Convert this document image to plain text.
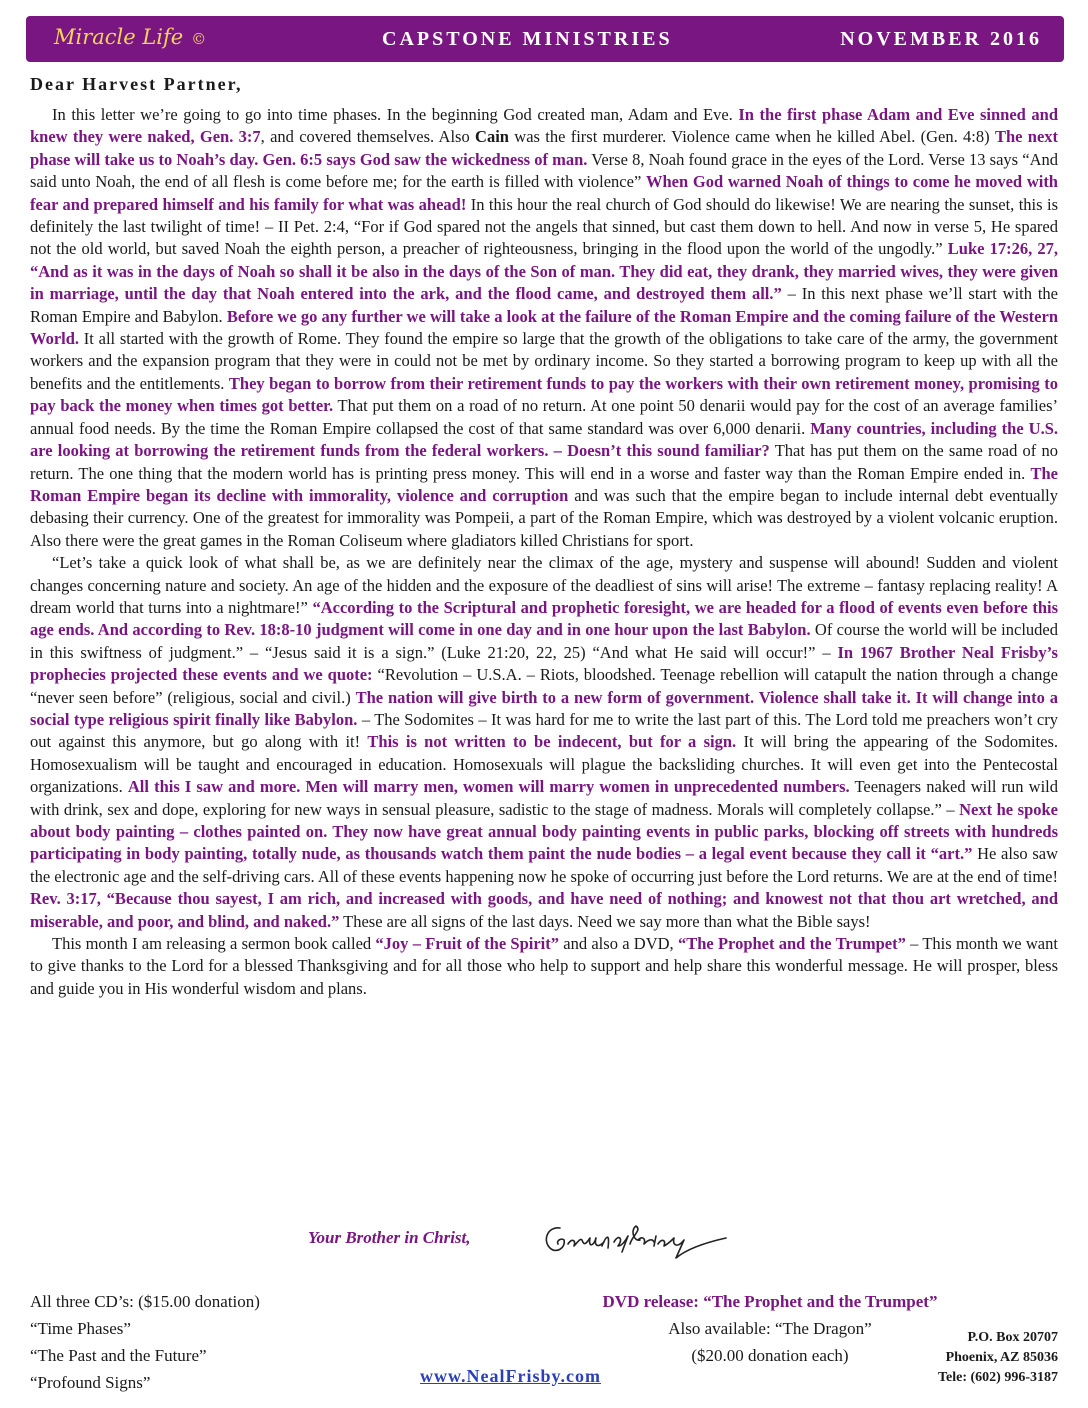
Miracle Life ©	CAPSTONE MINISTRIES	NOVEMBER 2016
Dear Harvest Partner,

In this letter we’re going to go into time phases. In the beginning God created man, Adam and Eve. In the first phase Adam and Eve sinned and knew they were naked, Gen. 3:7, and covered themselves. Also Cain was the first murderer. Violence came when he killed Abel. (Gen. 4:8) The next phase will take us to Noah’s day. Gen. 6:5 says God saw the wickedness of man. Verse 8, Noah found grace in the eyes of the Lord. Verse 13 says “And said unto Noah, the end of all flesh is come before me; for the earth is filled with violence” When God warned Noah of things to come he moved with fear and prepared himself and his family for what was ahead! In this hour the real church of God should do likewise! We are nearing the sunset, this is definitely the last twilight of time! – II Pet. 2:4, “For if God spared not the angels that sinned, but cast them down to hell. And now in verse 5, He spared not the old world, but saved Noah the eighth person, a preacher of righteousness, bringing in the flood upon the world of the ungodly.” Luke 17:26, 27, “And as it was in the days of Noah so shall it be also in the days of the Son of man. They did eat, they drank, they married wives, they were given in marriage, until the day that Noah entered into the ark, and the flood came, and destroyed them all.” – In this next phase we’ll start with the Roman Empire and Babylon. Before we go any further we will take a look at the failure of the Roman Empire and the coming failure of the Western World. It all started with the growth of Rome. They found the empire so large that the growth of the obligations to take care of the army, the government workers and the expansion program that they were in could not be met by ordinary income. So they started a borrowing program to keep up with all the benefits and the entitlements. They began to borrow from their retirement funds to pay the workers with their own retirement money, promising to pay back the money when times got better. That put them on a road of no return. At one point 50 denarii would pay for the cost of an average families’ annual food needs. By the time the Roman Empire collapsed the cost of that same standard was over 6,000 denarii. Many countries, including the U.S. are looking at borrowing the retirement funds from the federal workers. – Doesn’t this sound familiar? That has put them on the same road of no return. The one thing that the modern world has is printing press money. This will end in a worse and faster way than the Roman Empire ended in. The Roman Empire began its decline with immorality, violence and corruption and was such that the empire began to include internal debt eventually debasing their currency. One of the greatest for immorality was Pompeii, a part of the Roman Empire, which was destroyed by a violent volcanic eruption. Also there were the great games in the Roman Coliseum where gladiators killed Christians for sport.

“Let’s take a quick look of what shall be, as we are definitely near the climax of the age, mystery and suspense will abound! Sudden and violent changes concerning nature and society. An age of the hidden and the exposure of the deadliest of sins will arise! The extreme – fantasy replacing reality! A dream world that turns into a nightmare!” “According to the Scriptural and prophetic foresight, we are headed for a flood of events even before this age ends. And according to Rev. 18:8-10 judgment will come in one day and in one hour upon the last Babylon. Of course the world will be included in this swiftness of judgment.” – “Jesus said it is a sign.” (Luke 21:20, 22, 25) “And what He said will occur!” – In 1967 Brother Neal Frisby’s prophecies projected these events and we quote: “Revolution – U.S.A. – Riots, bloodshed. Teenage rebellion will catapult the nation through a change “never seen before” (religious, social and civil.) The nation will give birth to a new form of government. Violence shall take it. It will change into a social type religious spirit finally like Babylon. – The Sodomites – It was hard for me to write the last part of this. The Lord told me preachers won’t cry out against this anymore, but go along with it! This is not written to be indecent, but for a sign. It will bring the appearing of the Sodomites. Homosexualism will be taught and encouraged in education. Homosexuals will plague the backsliding churches. It will even get into the Pentecostal organizations. All this I saw and more. Men will marry men, women will marry women in unprecedented numbers. Teenagers naked will run wild with drink, sex and dope, exploring for new ways in sensual pleasure, sadistic to the stage of madness. Morals will completely collapse.” – Next he spoke about body painting – clothes painted on. They now have great annual body painting events in public parks, blocking off streets with hundreds participating in body painting, totally nude, as thousands watch them paint the nude bodies – a legal event because they call it “art.” He also saw the electronic age and the self-driving cars. All of these events happening now he spoke of occurring just before the Lord returns. We are at the end of time! Rev. 3:17, “Because thou sayest, I am rich, and increased with goods, and have need of nothing; and knowest not that thou art wretched, and miserable, and poor, and blind, and naked.” These are all signs of the last days. Need we say more than what the Bible says!

This month I am releasing a sermon book called “Joy – Fruit of the Spirit” and also a DVD, “The Prophet and the Trumpet” – This month we want to give thanks to the Lord for a blessed Thanksgiving and for all those who help to support and help share this wonderful message. He will prosper, bless and guide you in His wonderful wisdom and plans.

Your Brother in Christ,
All three CD’s: ($15.00 donation)
“Time Phases”
“The Past and the Future”
“Profound Signs”
DVD release: “The Prophet and the Trumpet”
Also available: “The Dragon”
($20.00 donation each)
P.O. Box 20707
Phoenix, AZ 85036
Tele: (602) 996-3187
www.NealFrisby.com
